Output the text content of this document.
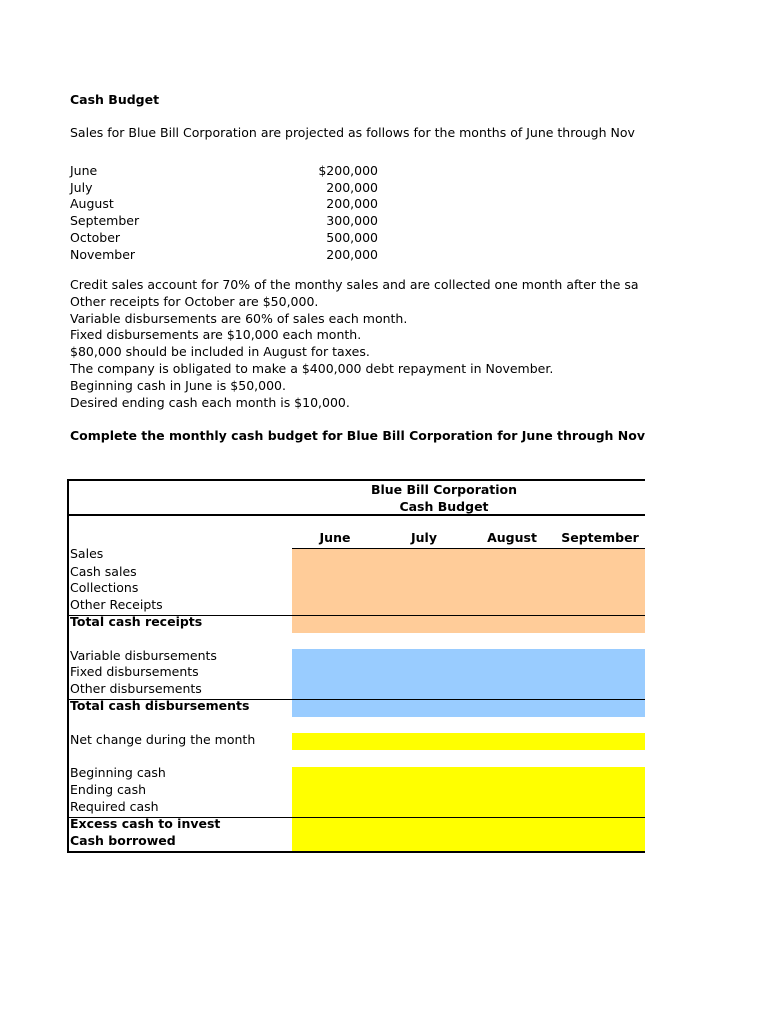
Cash Budget
Sales for Blue Bill Corporation are projected as follows for the months of June through Nov
June	$200,000
July	200,000
August	200,000
September	300,000
October	500,000
November	200,000
Credit sales account for 70% of the monthy sales and are collected one month after the sa
Other receipts for October are $50,000.
Variable disbursements are 60% of sales each month.
Fixed disbursements are $10,000 each month.
$80,000 should be included in August for taxes.
The company is obligated to make a $400,000 debt repayment in November.
Beginning cash in June is $50,000.
Desired ending cash each month is $10,000.
Complete the monthly cash budget for Blue Bill Corporation for June through Nov
Blue Bill Corporation
Cash Budget
June	July	August	September
Sales
Cash sales
Collections
Other Receipts
Total cash receipts
Variable disbursements
Fixed disbursements
Other disbursements
Total cash disbursements
Net change during the month
Beginning cash
Ending cash
Required cash
Excess cash to invest
Cash borrowed
